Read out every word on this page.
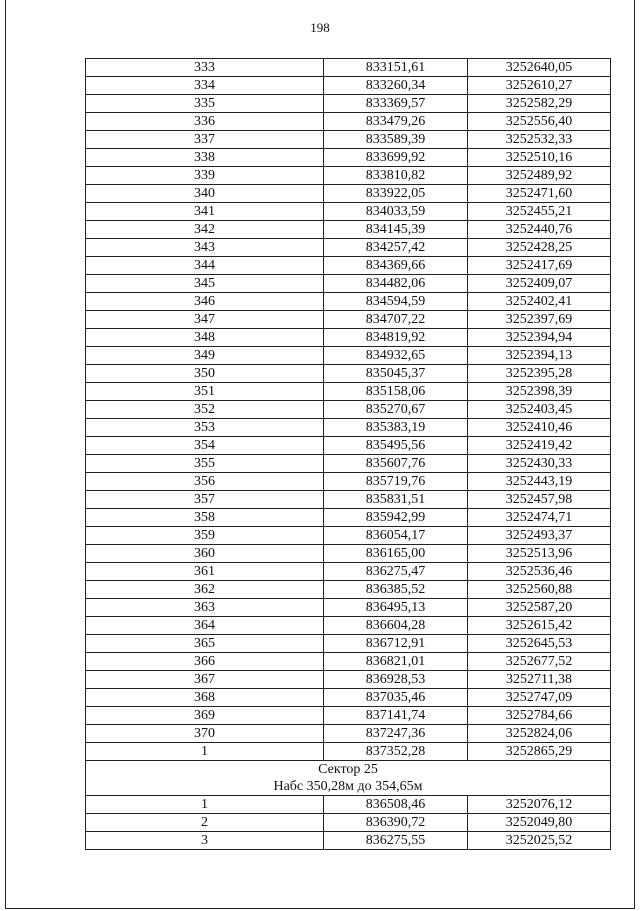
198
333	833151,61	3252640,05
334	833260,34	3252610,27
335	833369,57	3252582,29
336	833479,26	3252556,40
337	833589,39	3252532,33
338	833699,92	3252510,16
339	833810,82	3252489,92
340	833922,05	3252471,60
341	834033,59	3252455,21
342	834145,39	3252440,76
343	834257,42	3252428,25
344	834369,66	3252417,69
345	834482,06	3252409,07
346	834594,59	3252402,41
347	834707,22	3252397,69
348	834819,92	3252394,94
349	834932,65	3252394,13
350	835045,37	3252395,28
351	835158,06	3252398,39
352	835270,67	3252403,45
353	835383,19	3252410,46
354	835495,56	3252419,42
355	835607,76	3252430,33
356	835719,76	3252443,19
357	835831,51	3252457,98
358	835942,99	3252474,71
359	836054,17	3252493,37
360	836165,00	3252513,96
361	836275,47	3252536,46
362	836385,52	3252560,88
363	836495,13	3252587,20
364	836604,28	3252615,42
365	836712,91	3252645,53
366	836821,01	3252677,52
367	836928,53	3252711,38
368	837035,46	3252747,09
369	837141,74	3252784,66
370	837247,36	3252824,06
1	837352,28	3252865,29

Сектор 25
Набс 350,28м до 354,65м		

1	836508,46	3252076,12
2	836390,72	3252049,80
3	836275,55	3252025,52
